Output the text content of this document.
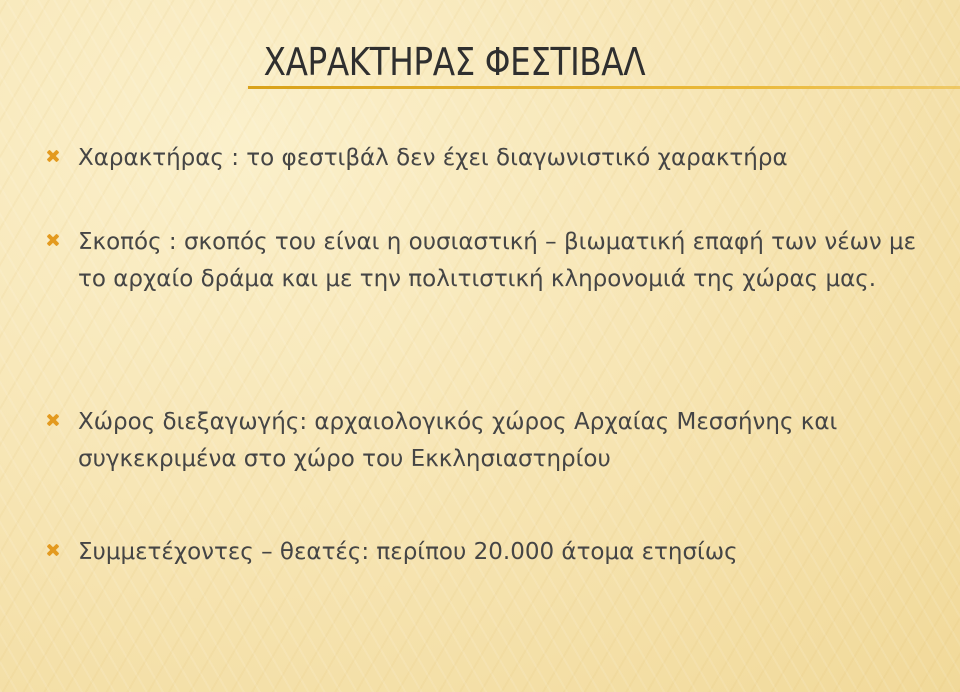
ΧΑΡΑΚΤΗΡΑΣ ΦΕΣΤΙΒΑΛ
Χαρακτήρας : το φεστιβάλ δεν έχει διαγωνιστικό χαρακτήρα
Σκοπός : σκοπός του είναι η ουσιαστική – βιωματική επαφή των νέων με το αρχαίο δράμα και με την πολιτιστική κληρονομιά της χώρας μας.
Χώρος διεξαγωγής: αρχαιολογικός χώρος Αρχαίας Μεσσήνης και συγκεκριμένα στο χώρο του Εκκλησιαστηρίου
Συμμετέχοντες – θεατές: περίπου 20.000 άτομα ετησίως
